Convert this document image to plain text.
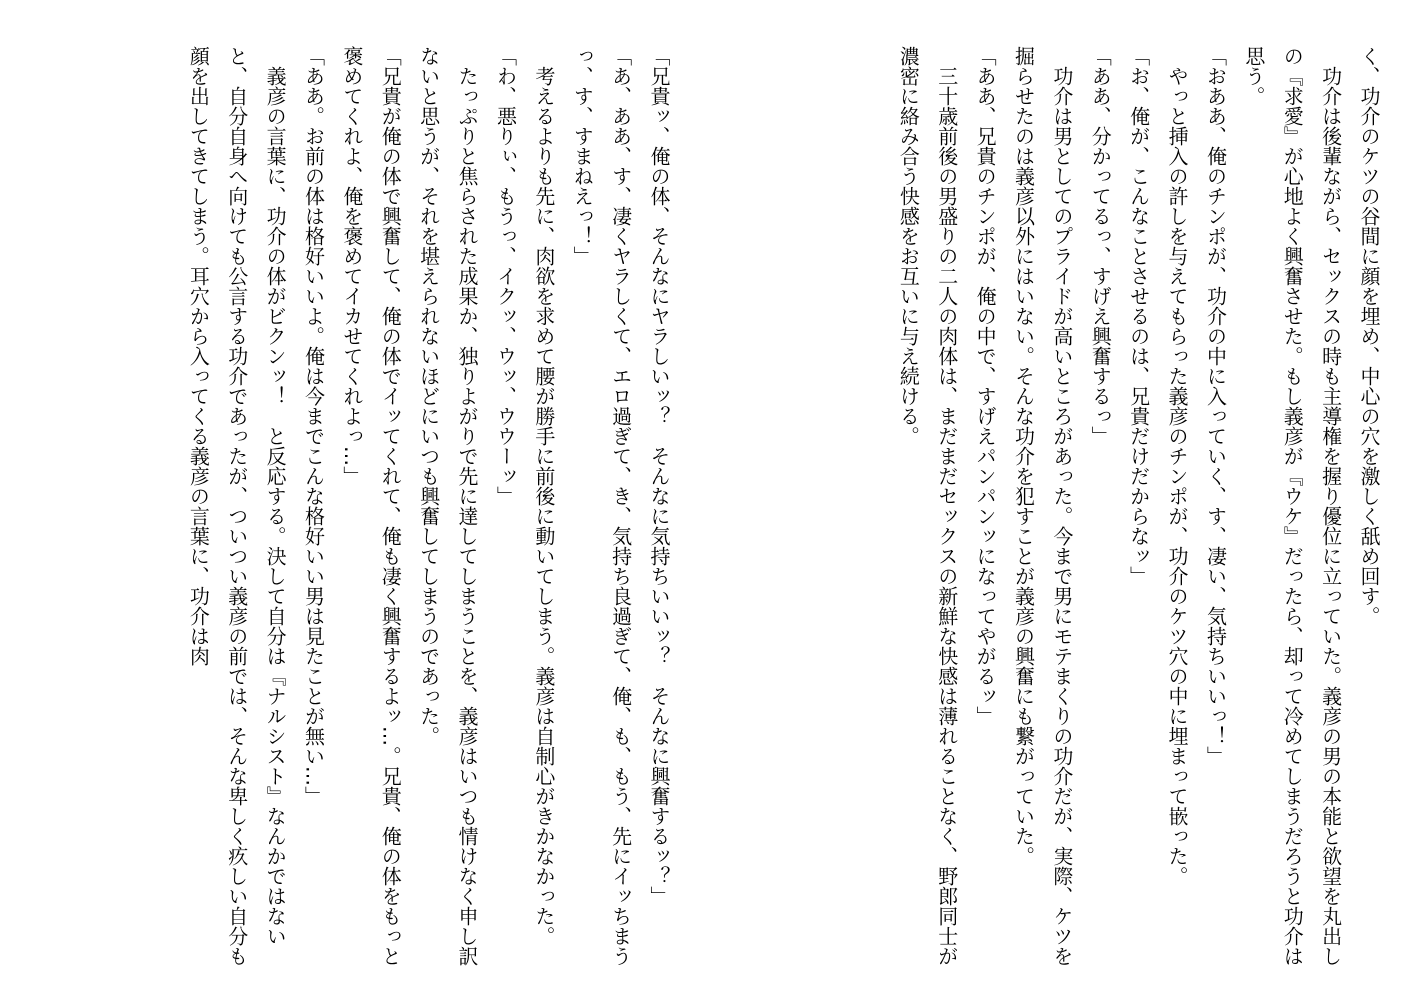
く、功介のケツの谷間に顔を埋め、中心の穴を激しく舐め回す。

　功介は後輩ながら、セックスの時も主導権を握り優位に立っていた。義彦の男の本能と欲望を丸出しの『求愛』が心地よく興奮させた。もし義彦が『ウケ』だったら、却って冷めてしまうだろうと功介は思う。

「おああ、俺のチンポが、功介の中に入っていく、す、凄い、気持ちいいっ！」

　やっと挿入の許しを与えてもらった義彦のチンポが、功介のケツ穴の中に埋まって嵌った。

「お、俺が、こんなことさせるのは、兄貴だけだからなッ」

「ああ、分かってるっ、すげえ興奮するっ」

　功介は男としてのプライドが高いところがあった。今まで男にモテまくりの功介だが、実際、ケツを掘らせたのは義彦以外にはいない。そんな功介を犯すことが義彦の興奮にも繋がっていた。

「ああ、兄貴のチンポが、俺の中で、すげえパンパンッになってやがるッ」

　三十歳前後の男盛りの二人の肉体は、まだまだセックスの新鮮な快感は薄れることなく、野郎同士が濃密に絡み合う快感をお互いに与え続ける。

「兄貴ッ、俺の体、そんなにヤラしいッ？　そんなに気持ちいいッ？　そんなに興奮するッ？」

「あ、ああ、す、凄くヤラしくて、エロ過ぎて、き、気持ち良過ぎて、俺、も、もう、先にイッちまうっ、す、すまねえっ！」

　考えるよりも先に、肉欲を求めて腰が勝手に前後に動いてしまう。義彦は自制心がきかなかった。

「わ、悪りぃ、もうっ、イクッ、ウッ、ウウーッ」

　たっぷりと焦らされた成果か、独りよがりで先に達してしまうことを、義彦はいつも情けなく申し訳ないと思うが、それを堪えられないほどにいつも興奮してしまうのであった。

「兄貴が俺の体で興奮して、俺の体でイッてくれて、俺も凄く興奮するよッ…。兄貴、俺の体をもっと褒めてくれよ、俺を褒めてイカせてくれよっ…」

「ああ。お前の体は格好いいよ。俺は今までこんな格好いい男は見たことが無い…」

　義彦の言葉に、功介の体がビクンッ！　と反応する。決して自分は『ナルシスト』なんかではないと、自分自身へ向けても公言する功介であったが、ついつい義彦の前では、そんな卑しく疚しい自分も顔を出してきてしまう。耳穴から入ってくる義彦の言葉に、功介は肉
